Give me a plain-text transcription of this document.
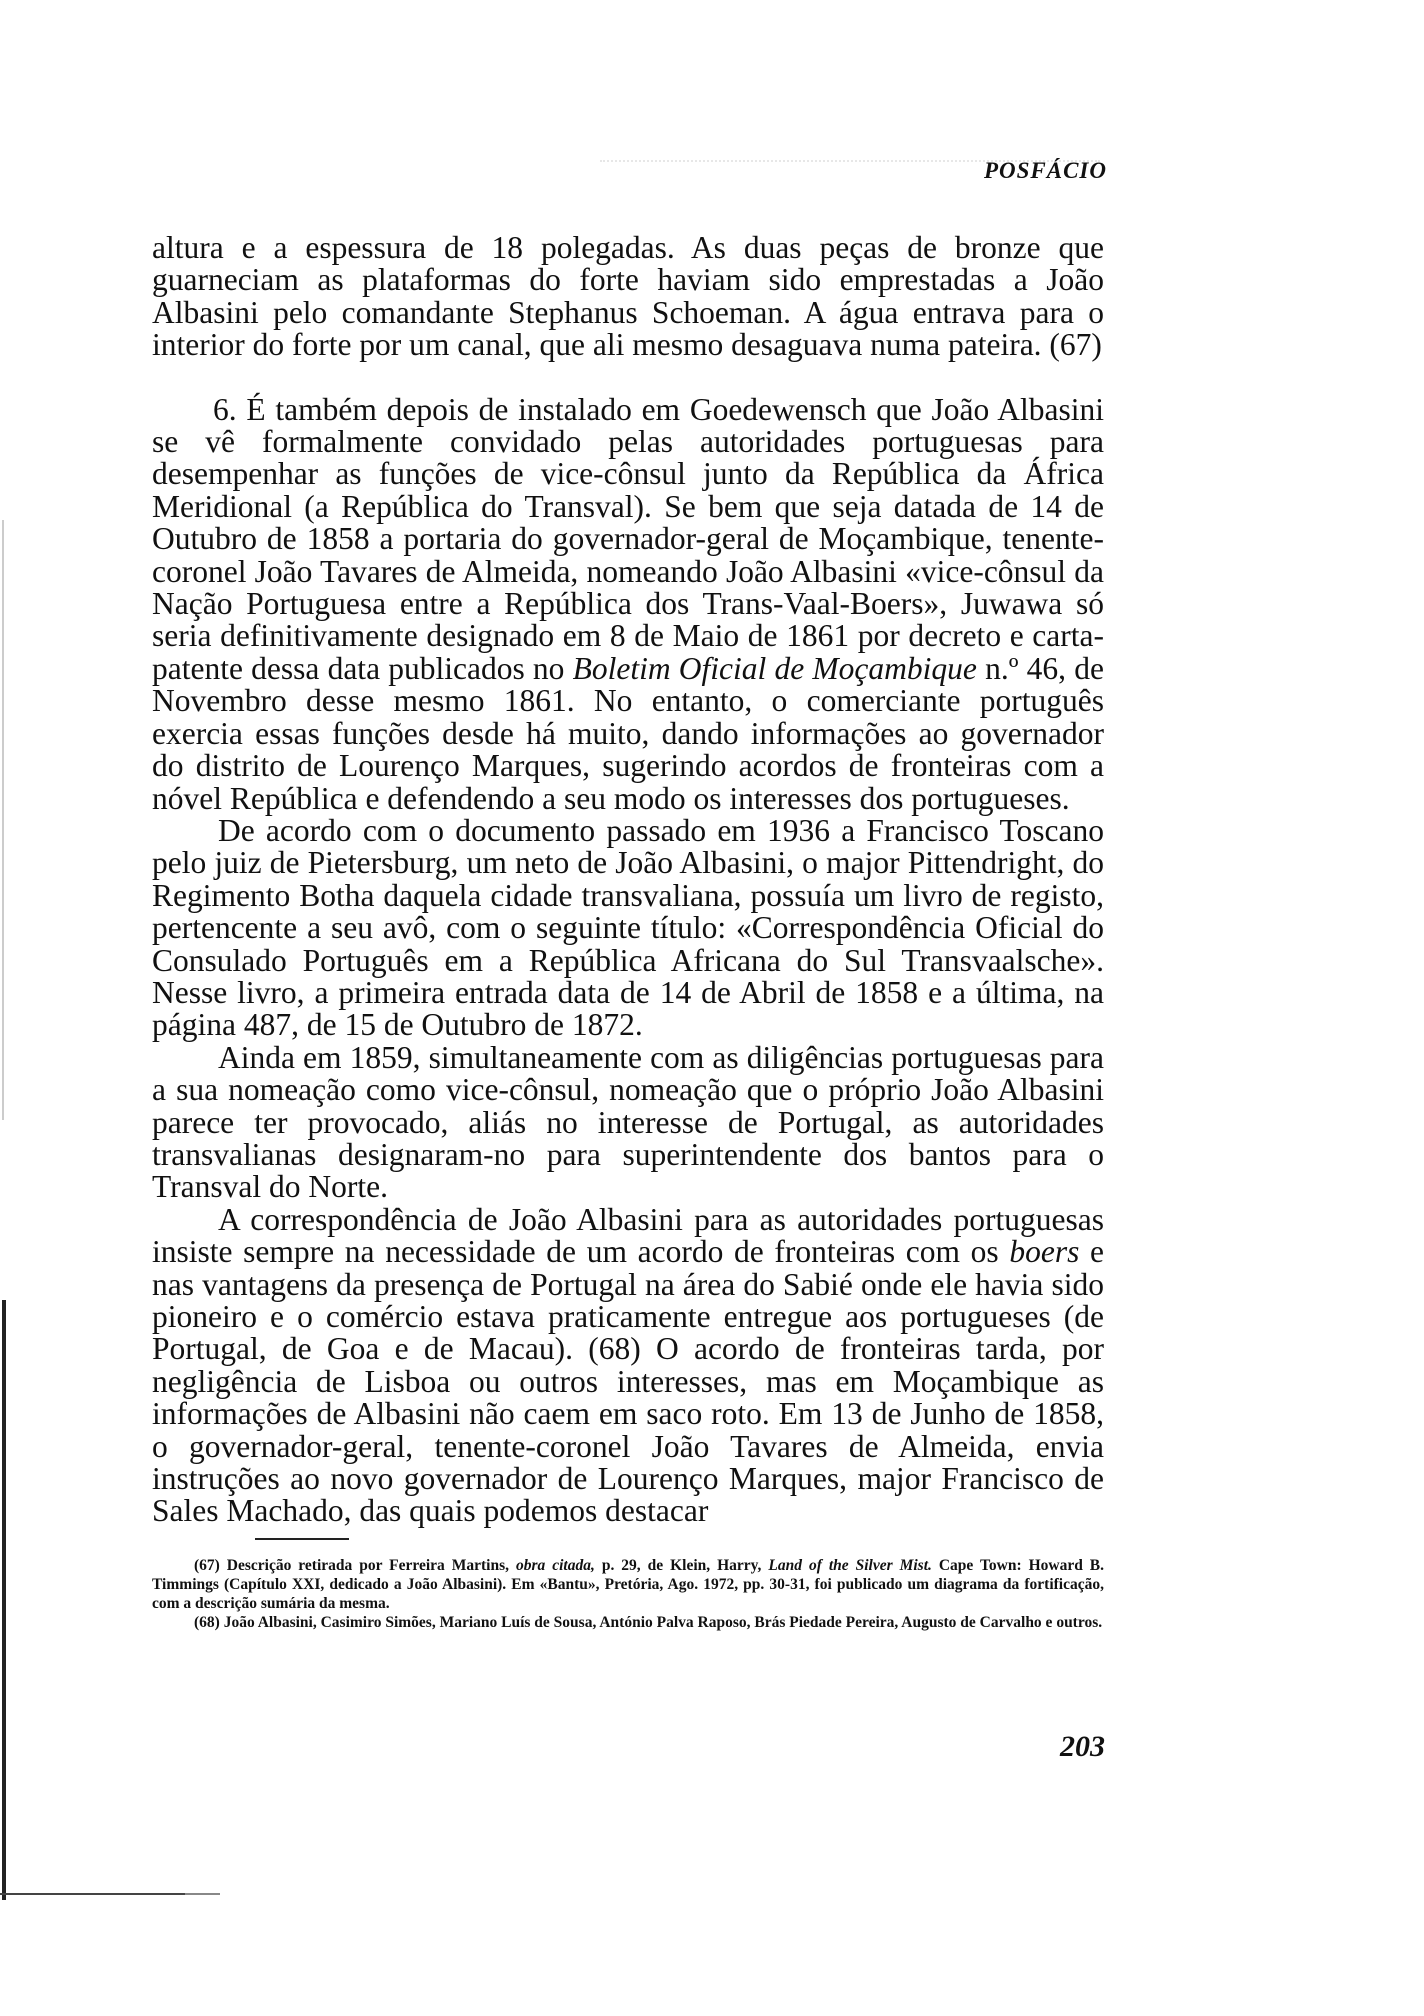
POSFÁCIO

altura e a espessura de 18 polegadas. As duas peças de bronze que guarneciam as plataformas do forte haviam sido emprestadas a João Albasini pelo comandante Stephanus Schoeman. A água entrava para o interior do forte por um canal, que ali mesmo desaguava numa pateira. (67)

6. É também depois de instalado em Goedewensch que João Albasini se vê formalmente convidado pelas autoridades portuguesas para desempenhar as funções de vice-cônsul junto da República da África Meridional (a República do Transval). Se bem que seja datada de 14 de Outubro de 1858 a portaria do governador-geral de Moçambique, tenente-coronel João Tavares de Almeida, nomeando João Albasini «vice-cônsul da Nação Portuguesa entre a República dos Trans-Vaal-Boers», Juwawa só seria definitivamente designado em 8 de Maio de 1861 por decreto e carta-patente dessa data publicados no Boletim Oficial de Moçambique n.º 46, de Novembro desse mesmo 1861. No entanto, o comerciante português exercia essas funções desde há muito, dando informações ao governador do distrito de Lourenço Marques, sugerindo acordos de fronteiras com a nóvel República e defendendo a seu modo os interesses dos portugueses.

De acordo com o documento passado em 1936 a Francisco Toscano pelo juiz de Pietersburg, um neto de João Albasini, o major Pittendright, do Regimento Botha daquela cidade transvaliana, possuía um livro de registo, pertencente a seu avô, com o seguinte título: «Correspondência Oficial do Consulado Português em a República Africana do Sul Transvaalsche». Nesse livro, a primeira entrada data de 14 de Abril de 1858 e a última, na página 487, de 15 de Outubro de 1872.

Ainda em 1859, simultaneamente com as diligências portuguesas para a sua nomeação como vice-cônsul, nomeação que o próprio João Albasini parece ter provocado, aliás no interesse de Portugal, as autoridades transvalianas designaram-no para superintendente dos bantos para o Transval do Norte.

A correspondência de João Albasini para as autoridades portuguesas insiste sempre na necessidade de um acordo de fronteiras com os boers e nas vantagens da presença de Portugal na área do Sabié onde ele havia sido pioneiro e o comércio estava praticamente entregue aos portugueses (de Portugal, de Goa e de Macau). (68) O acordo de fronteiras tarda, por negligência de Lisboa ou outros interesses, mas em Moçambique as informações de Albasini não caem em saco roto. Em 13 de Junho de 1858, o governador-geral, tenente-coronel João Tavares de Almeida, envia instruções ao novo governador de Lourenço Marques, major Francisco de Sales Machado, das quais podemos destacar

(67) Descrição retirada por Ferreira Martins, obra citada, p. 29, de Klein, Harry, Land of the Silver Mist. Cape Town: Howard B. Timmings (Capítulo XXI, dedicado a João Albasini). Em «Bantu», Pretória, Ago. 1972, pp. 30-31, foi publicado um diagrama da fortificação, com a descrição sumária da mesma.

(68) João Albasini, Casimiro Simões, Mariano Luís de Sousa, António Palva Raposo, Brás Piedade Pereira, Augusto de Carvalho e outros.

203
